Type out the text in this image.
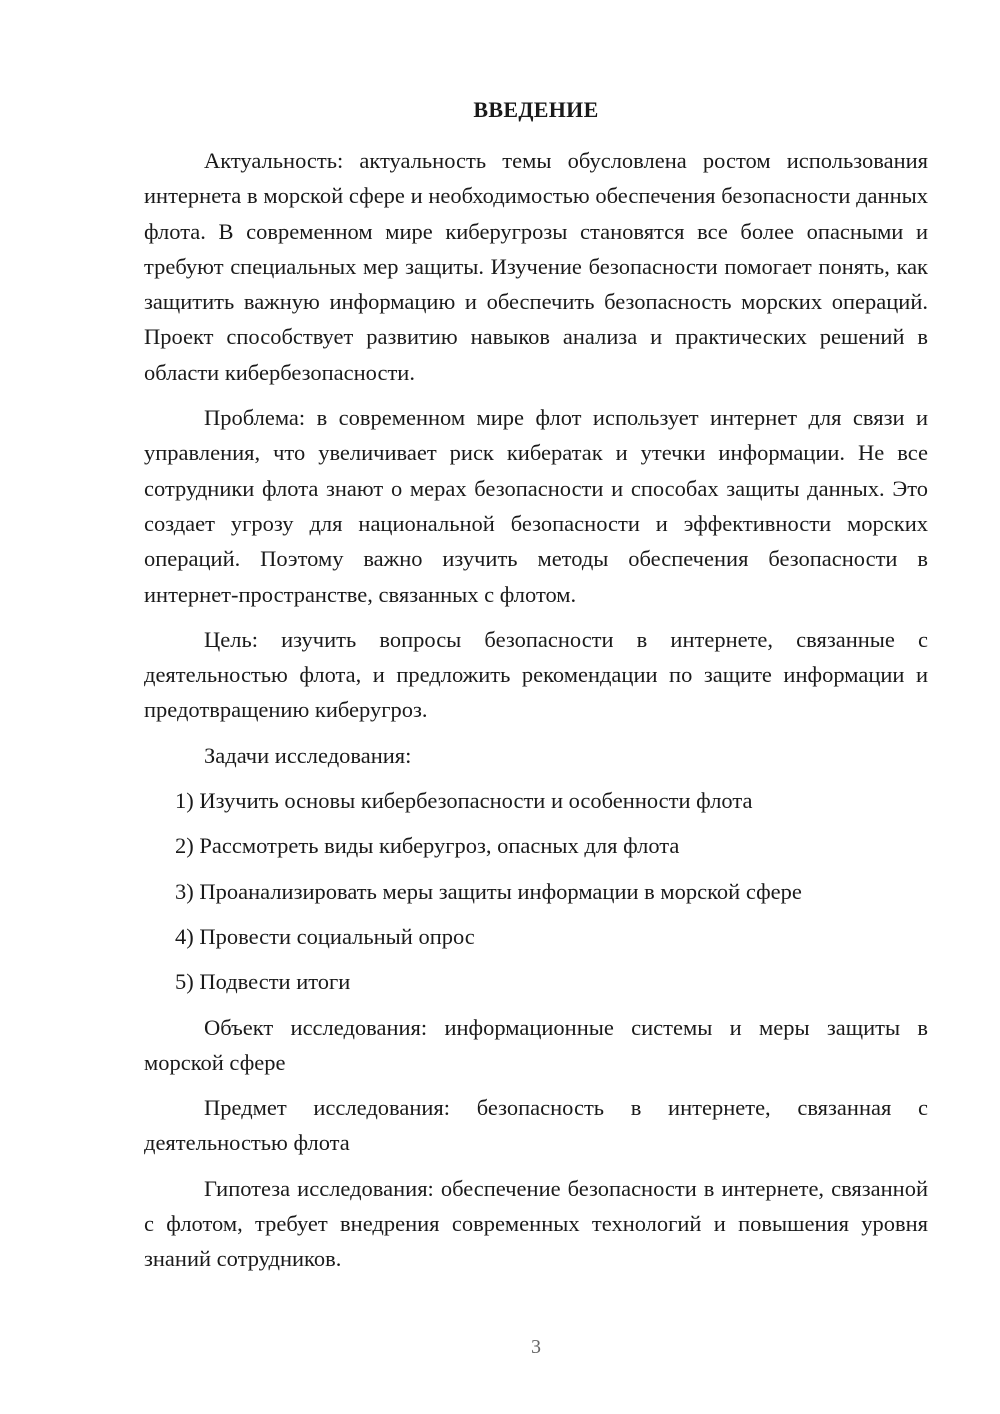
ВВЕДЕНИЕ

Актуальность: актуальность темы обусловлена ростом использования интернета в морской сфере и необходимостью обеспечения безопасности данных флота. В современном мире киберугрозы становятся все более опасными и требуют специальных мер защиты. Изучение безопасности помогает понять, как защитить важную информацию и обеспечить безопасность морских операций. Проект способствует развитию навыков анализа и практических решений в области кибербезопасности.

Проблема: в современном мире флот использует интернет для связи и управления, что увеличивает риск кибератак и утечки информации. Не все сотрудники флота знают о мерах безопасности и способах защиты данных. Это создает угрозу для национальной безопасности и эффективности морских операций. Поэтому важно изучить методы обеспечения безопасности в интернет-пространстве, связанных с флотом.

Цель: изучить вопросы безопасности в интернете, связанные с деятельностью флота, и предложить рекомендации по защите информации и предотвращению киберугроз.

Задачи исследования:

1) Изучить основы кибербезопасности и особенности флота

2) Рассмотреть виды киберугроз, опасных для флота

3) Проанализировать меры защиты информации в морской сфере

4) Провести социальный опрос

5) Подвести итоги

Объект исследования: информационные системы и меры защиты в морской сфере

Предмет исследования: безопасность в интернете, связанная с деятельностью флота

Гипотеза исследования: обеспечение безопасности в интернете, связанной с флотом, требует внедрения современных технологий и повышения уровня знаний сотрудников.

3
